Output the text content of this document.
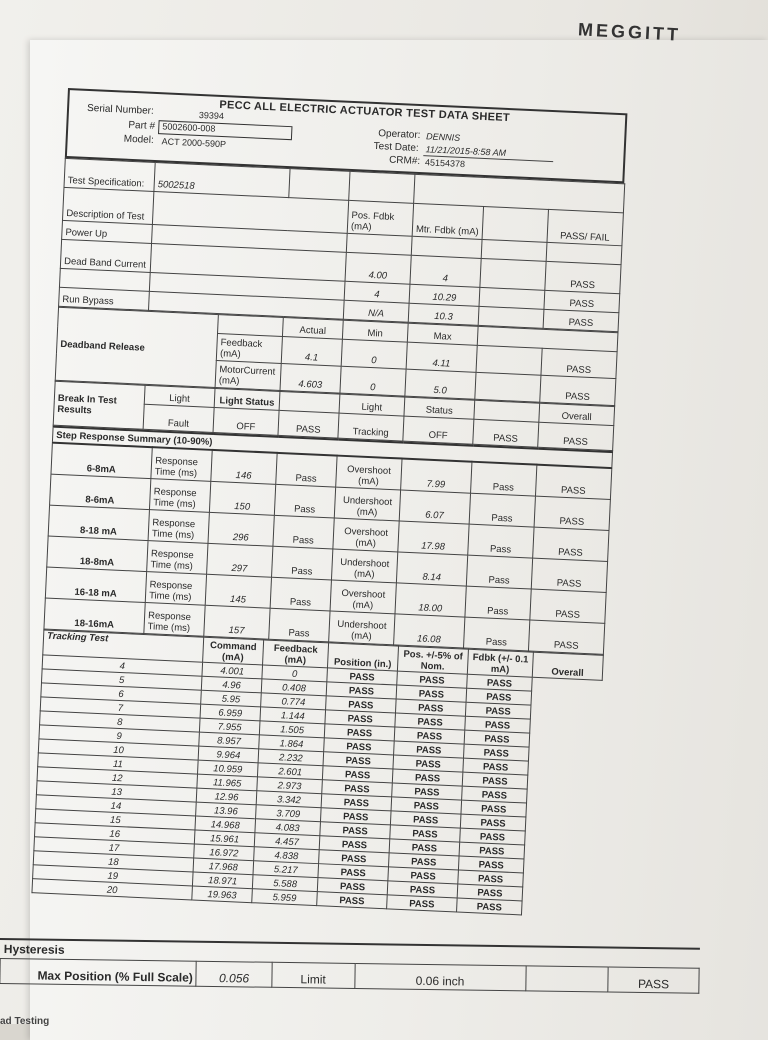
MEGGITT
PECC ALL ELECTRIC ACTUATOR TEST DATA SHEET
Serial Number:	39394
Part # 5002600-008
Model: ACT 2000-590P
Operator: DENNIS
Test Date: 11/21/2015-8:58 AM
CRM#: 45154378
Test Specification:	5002518					
Description of Test			Pos. Fdbk (mA)	Mtr. Fdbk (mA)		PASS/ FAIL
Power Up						
Dead Band Current			4.00	4		PASS
			4	10.29		PASS
Run Bypass			N/A	10.3		PASS
Deadband Release		Actual	Min	Max		
	Feedback (mA)	4.1	0	4.11		PASS
	MotorCurrent (mA)	4.603	0	5.0		PASS
Break In Test Results	Light	Light Status		Light	Status		Overall
	Fault	OFF	PASS	Tracking	OFF	PASS	PASS
Step Response Summary (10-90%)							
6-8mA	Response Time (ms)	146	Pass	Overshoot (mA)	7.99	Pass	PASS
8-6mA	Response Time (ms)	150	Pass	Undershoot (mA)	6.07	Pass	PASS
8-18 mA	Response Time (ms)	296	Pass	Overshoot (mA)	17.98	Pass	PASS
18-8mA	Response Time (ms)	297	Pass	Undershoot (mA)	8.14	Pass	PASS
16-18 mA	Response Time (ms)	145	Pass	Overshoot (mA)	18.00	Pass	PASS
18-16mA	Response Time (ms)	157	Pass	Undershoot (mA)	16.08	Pass	PASS
Tracking Test	Command (mA)	Feedback (mA)	Position (in.)	Pos. +/-5% of Nom.	Fdbk (+/- 0.1 mA)	Overall
4	4.001	0	PASS	PASS	PASS	
5	4.96	0.408	PASS	PASS	PASS	
6	5.95	0.774	PASS	PASS	PASS	
7	6.959	1.144	PASS	PASS	PASS	
8	7.955	1.505	PASS	PASS	PASS	
9	8.957	1.864	PASS	PASS	PASS	
10	9.964	2.232	PASS	PASS	PASS	
11	10.959	2.601	PASS	PASS	PASS	
12	11.965	2.973	PASS	PASS	PASS	
13	12.96	3.342	PASS	PASS	PASS	
14	13.96	3.709	PASS	PASS	PASS	
15	14.968	4.083	PASS	PASS	PASS	
16	15.961	4.457	PASS	PASS	PASS	
17	16.972	4.838	PASS	PASS	PASS	
18	17.968	5.217	PASS	PASS	PASS	
19	18.971	5.588	PASS	PASS	PASS	
20	19.963	5.959	PASS	PASS	PASS	
Hysteresis
Max Position (% Full Scale)	0.056	Limit	0.06 inch		PASS
ad Testing
